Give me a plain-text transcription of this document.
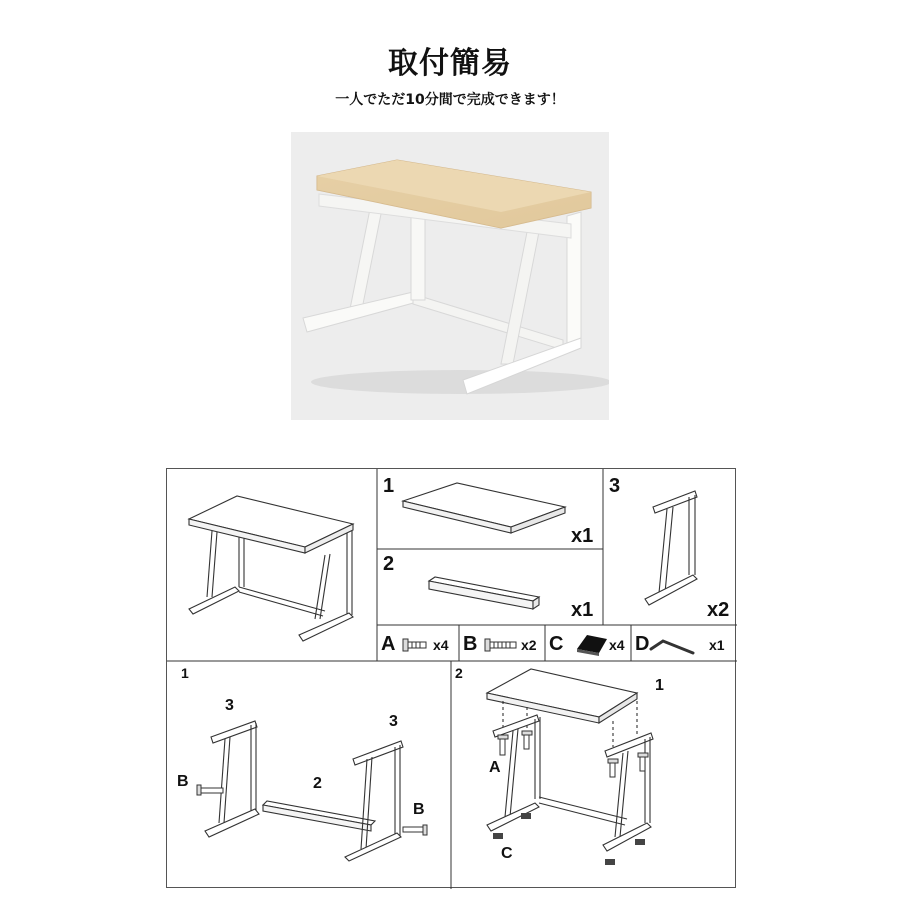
取付簡易
一人でただ10分間で完成できます！
1
x1
2
x1
3
x2
A	x4 B	x2 C	x4 D	x1
1
3
3
2
B
B
2
1
A
C
